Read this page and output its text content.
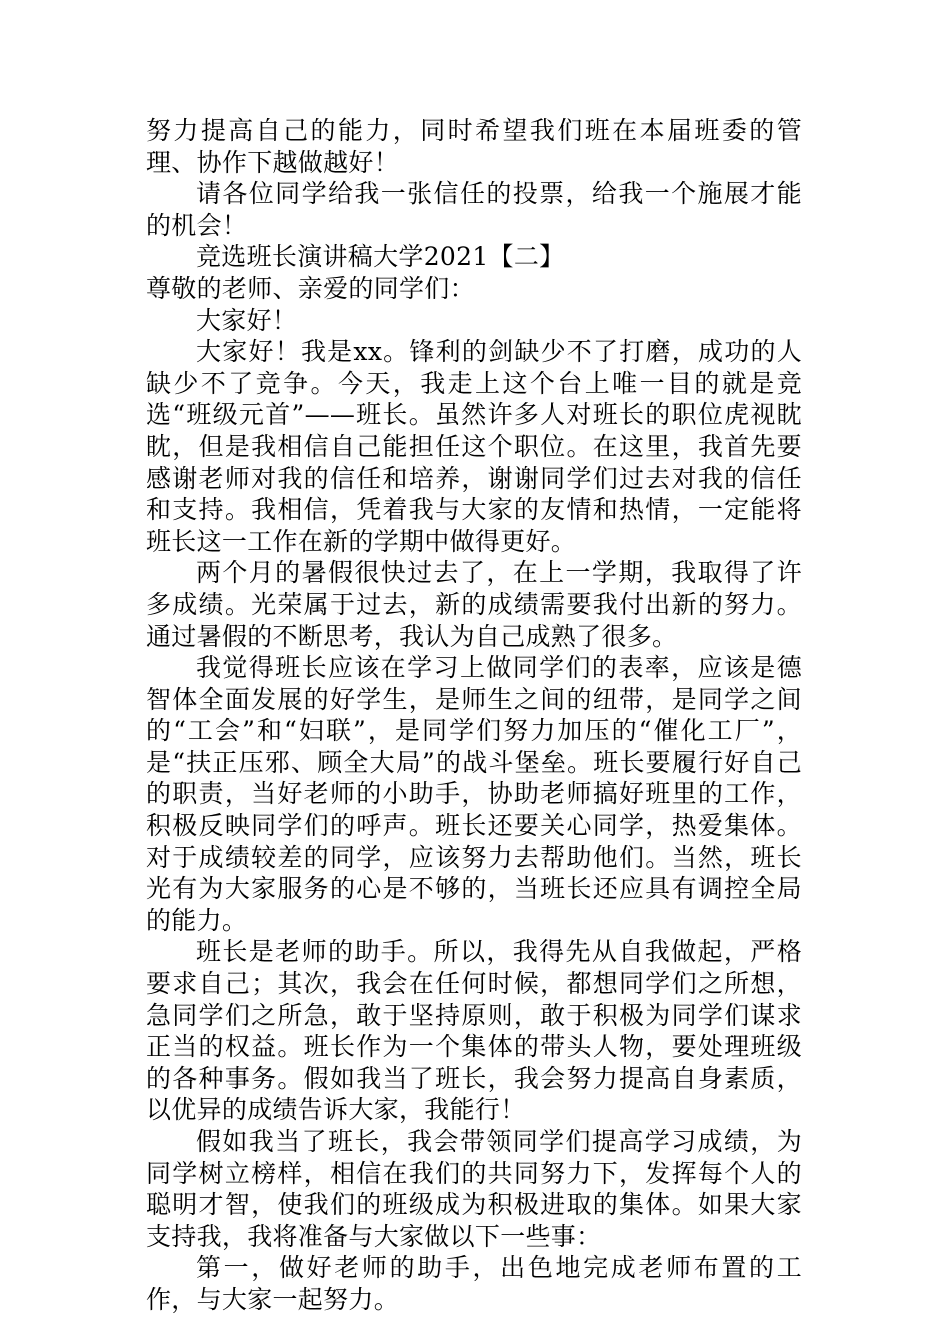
努力提高自己的能力，同时希望我们班在本届班委的管理、协作下越做越好！

请各位同学给我一张信任的投票，给我一个施展才能的机会！

竞选班长演讲稿大学2021【二】

尊敬的老师、亲爱的同学们：

大家好！

大家好！我是xx。锋利的剑缺少不了打磨，成功的人缺少不了竞争。今天，我走上这个台上唯一目的就是竞选“班级元首”——班长。虽然许多人对班长的职位虎视眈眈，但是我相信自己能担任这个职位。在这里，我首先要感谢老师对我的信任和培养，谢谢同学们过去对我的信任和支持。我相信，凭着我与大家的友情和热情，一定能将班长这一工作在新的学期中做得更好。

两个月的暑假很快过去了，在上一学期，我取得了许多成绩。光荣属于过去，新的成绩需要我付出新的努力。通过暑假的不断思考，我认为自己成熟了很多。

我觉得班长应该在学习上做同学们的表率，应该是德智体全面发展的好学生，是师生之间的纽带，是同学之间的“工会”和“妇联”，是同学们努力加压的“催化工厂”，是“扶正压邪、顾全大局”的战斗堡垒。班长要履行好自己的职责，当好老师的小助手，协助老师搞好班里的工作，积极反映同学们的呼声。班长还要关心同学，热爱集体。对于成绩较差的同学，应该努力去帮助他们。当然，班长光有为大家服务的心是不够的，当班长还应具有调控全局的能力。

班长是老师的助手。所以，我得先从自我做起，严格要求自己；其次，我会在任何时候，都想同学们之所想，急同学们之所急，敢于坚持原则，敢于积极为同学们谋求正当的权益。班长作为一个集体的带头人物，要处理班级的各种事务。假如我当了班长，我会努力提高自身素质，以优异的成绩告诉大家，我能行！

假如我当了班长，我会带领同学们提高学习成绩，为同学树立榜样，相信在我们的共同努力下，发挥每个人的聪明才智，使我们的班级成为积极进取的集体。如果大家支持我，我将准备与大家做以下一些事：

第一，做好老师的助手，出色地完成老师布置的工作，与大家一起努力。
